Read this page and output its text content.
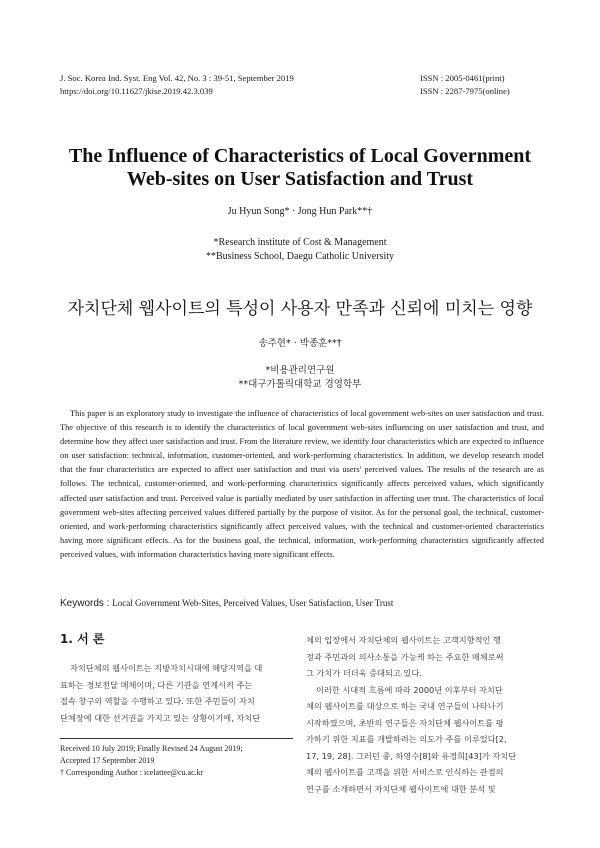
J. Soc. Korea Ind. Syst. Eng Vol. 42, No. 3 : 39-51, September 2019
https://doi.org/10.11627/jkise.2019.42.3.039
ISSN : 2005-0461(print)
ISSN : 2287-7975(online)
The Influence of Characteristics of Local Government
Web-sites on User Satisfaction and Trust
Ju Hyun Song* · Jong Hun Park**†
*Research institute of Cost & Management
**Business School, Daegu Catholic University
자치단체 웹사이트의 특성이 사용자 만족과 신뢰에 미치는 영향
송주현* · 박종훈**†
*비용관리연구원
**대구가톨릭대학교 경영학부
This paper is an exploratory study to investigate the influence of characteristics of local government web-sites on user satisfaction and trust. The objective of this research is to identify the characteristics of local government web-sites influencing on user satisfaction and trust, and determine how they affect user satisfaction and trust. From the literature review, we identify four characteristics which are expected to influence on user satisfaction: technical, information, customer-oriented, and work-performing characteristics. In addition, we develop research model that the four characteristics are expected to affect user satisfaction and trust via users' perceived values. The results of the research are as follows. The technical, customer-oriented, and work-performing characteristics significantly affects perceived values, which significantly affected user satisfaction and trust. Perceived value is partially mediated by user satisfaction in affecting user trust. The characteristics of local government web-sites affecting perceived values differed partially by the purpose of visitor. As for the personal goal, the technical, customer-oriented, and work-performing characteristics significantly affect perceived values, with the technical and customer-oriented characteristics having more significant effects. As for the business goal, the technical, information, work-performing characteristics significantly affected perceived values, with information characteristics having more significant effects.
Keywords : Local Government Web-Sites, Perceived Values, User Satisfaction, User Trust
1. 서 론
자치단체의 웹사이트는 지방자치시대에 해당지역을 대
표하는 정보전달 매체이며, 다른 기관을 연계시켜 주는
접속 창구의 역할을 수행하고 있다. 또한 주민들이 자치
단체장에 대한 선거권을 가지고 있는 상황이기에, 자치단
Received 10 July 2019; Finally Revised 24 August 2019;
Accepted 17 September 2019
† Corresponding Author : icelattee@cu.ac.kr

체의 입장에서 자치단체의 웹사이트는 고객지향적인 행
정과 주민과의 의사소통을 가능케 하는 주요한 매체로써
그 가치가 더더욱 증대되고 있다.

이러한 시대적 흐름에 따라 2000년 이후부터 자치단
체의 웹사이트를 대상으로 하는 국내 연구들이 나타나기
시작하였으며, 초반의 연구들은 자치단체 웹사이트를 평
가하기 위한 지표를 개발하려는 의도가 주를 이루었다[2,
17, 19, 28]. 그러던 중, 하영수[8]와 유경희[43]가 자치단
체의 웹사이트를 고객을 위한 서비스로 인식하는 관점의
연구를 소개하면서 자치단체 웹사이트에 대한 분석 및
